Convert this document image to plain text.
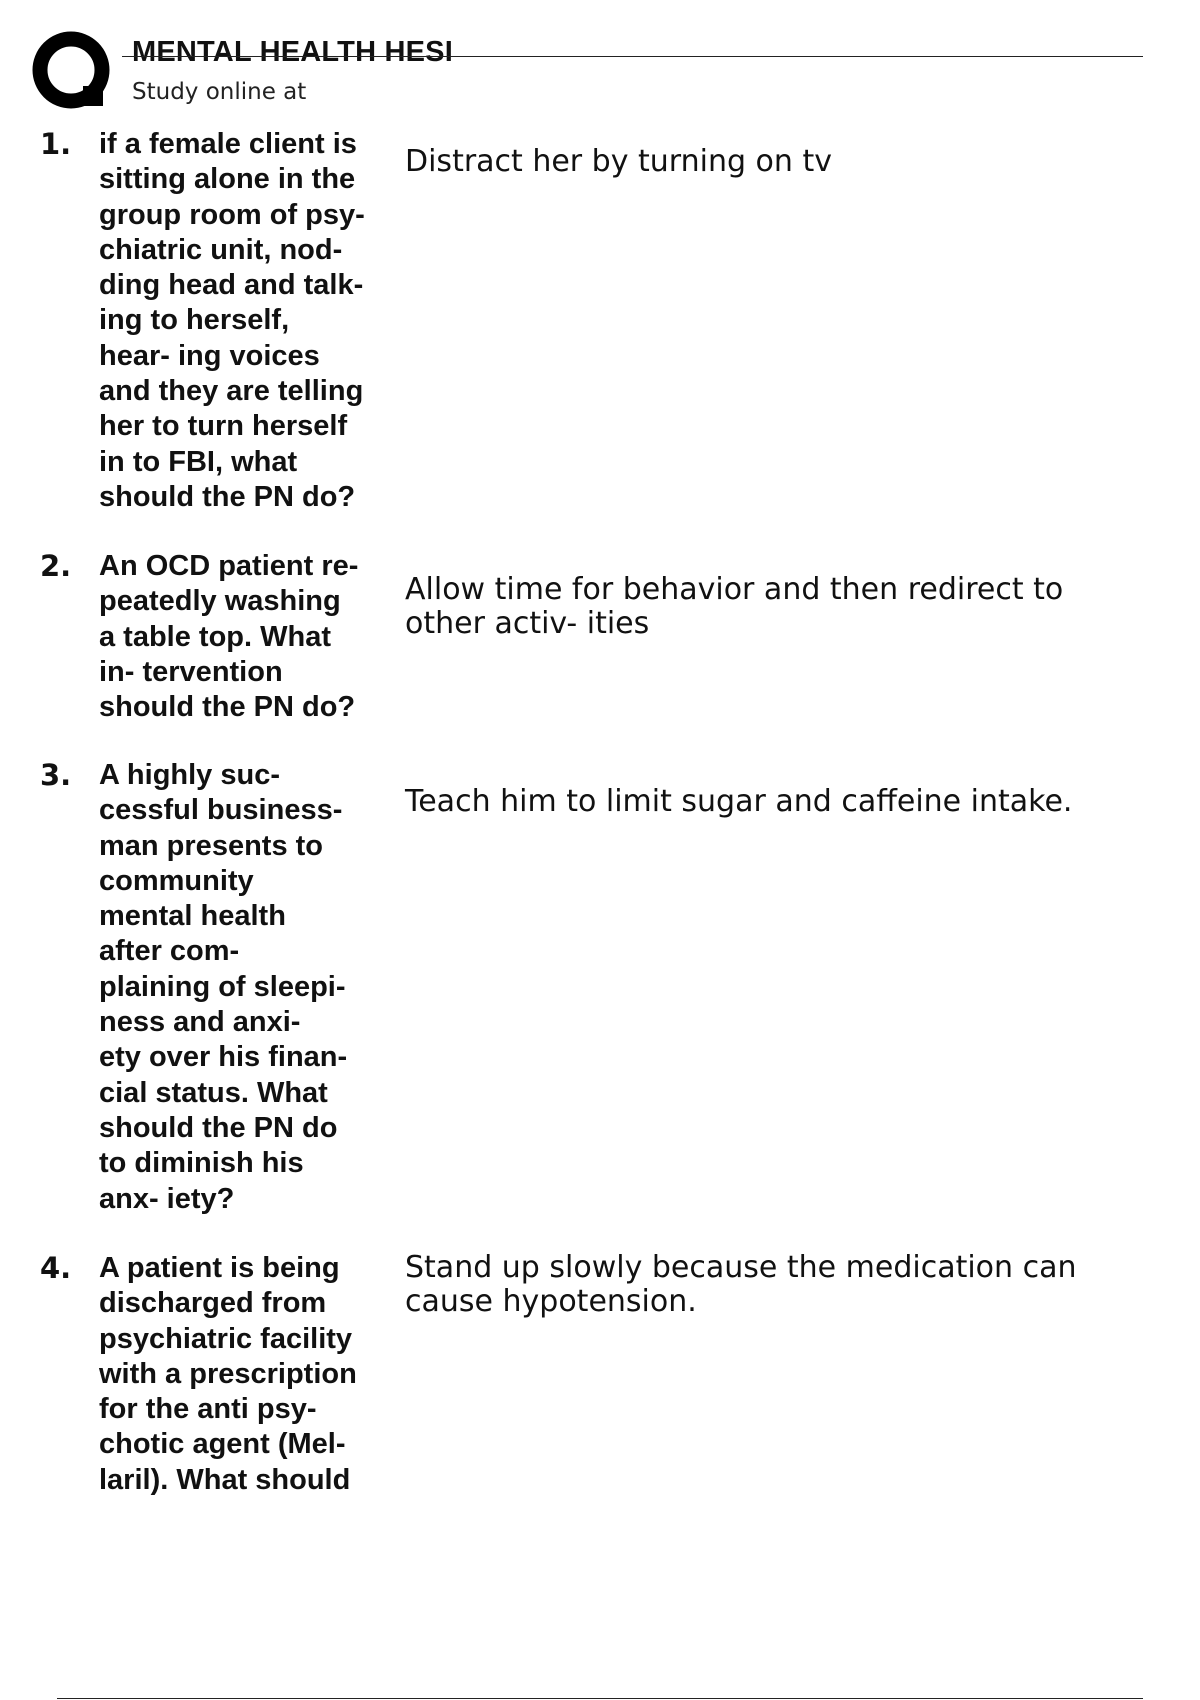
MENTAL HEALTH HESI
Study online at
1. if a female client is
sitting alone in the
group room of psy-
chiatric unit, nod-
ding head and talk-
ing to herself,
hear- ing voices
and they are telling
her to turn herself
in to FBI, what
should the PN do?
Distract her by turning on tv
2. An OCD patient re-
peatedly washing
a table top. What
in- tervention
should the PN do?
Allow time for behavior and then redirect to
other activ- ities
3. A highly suc-
cessful business-
man presents to
community
mental health
after com-
plaining of sleepi-
ness and anxi-
ety over his finan-
cial status. What
should the PN do
to diminish his
anx- iety?
Teach him to limit sugar and caffeine intake.
4. A patient is being
discharged from
psychiatric facility
with a prescription
for the anti psy-
chotic agent (Mel-
laril). What should
Stand up slowly because the medication can
cause hypotension.
